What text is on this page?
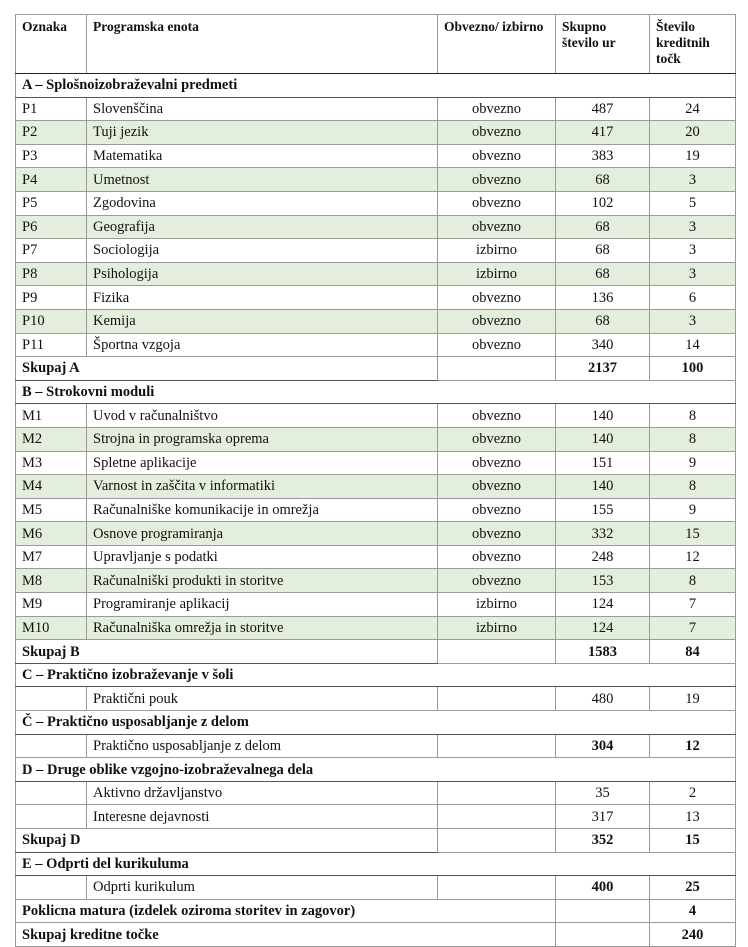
Oznaka	Programska enota	Obvezno/ izbirno	Skupno število ur	Število kreditnih točk
A – Splošnoizobraževalni predmeti				
P1	Slovenščina	obvezno	487	24
P2	Tuji jezik	obvezno	417	20
P3	Matematika	obvezno	383	19
P4	Umetnost	obvezno	68	3
P5	Zgodovina	obvezno	102	5
P6	Geografija	obvezno	68	3
P7	Sociologija	izbirno	68	3
P8	Psihologija	izbirno	68	3
P9	Fizika	obvezno	136	6
P10	Kemija	obvezno	68	3
P11	Športna vzgoja	obvezno	340	14
Skupaj A			2137	100
B – Strokovni moduli				
M1	Uvod v računalništvo	obvezno	140	8
M2	Strojna in programska oprema	obvezno	140	8
M3	Spletne aplikacije	obvezno	151	9
M4	Varnost in zaščita v informatiki	obvezno	140	8
M5	Računalniške komunikacije in omrežja	obvezno	155	9
M6	Osnove programiranja	obvezno	332	15
M7	Upravljanje s podatki	obvezno	248	12
M8	Računalniški produkti in storitve	obvezno	153	8
M9	Programiranje aplikacij	izbirno	124	7
M10	Računalniška omrežja in storitve	izbirno	124	7
Skupaj B			1583	84
C – Praktično izobraževanje v šoli				
	Praktični pouk		480	19
Č – Praktično usposabljanje z delom				
	Praktično usposabljanje z delom		304	12
D – Druge oblike vzgojno-izobraževalnega dela				
	Aktivno državljanstvo		35	2
	Interesne dejavnosti		317	13
Skupaj D			352	15
E – Odprti del kurikuluma				
	Odprti kurikulum		400	25
Poklicna matura (izdelek oziroma storitev in zagovor)				4
Skupaj kreditne točke				240
